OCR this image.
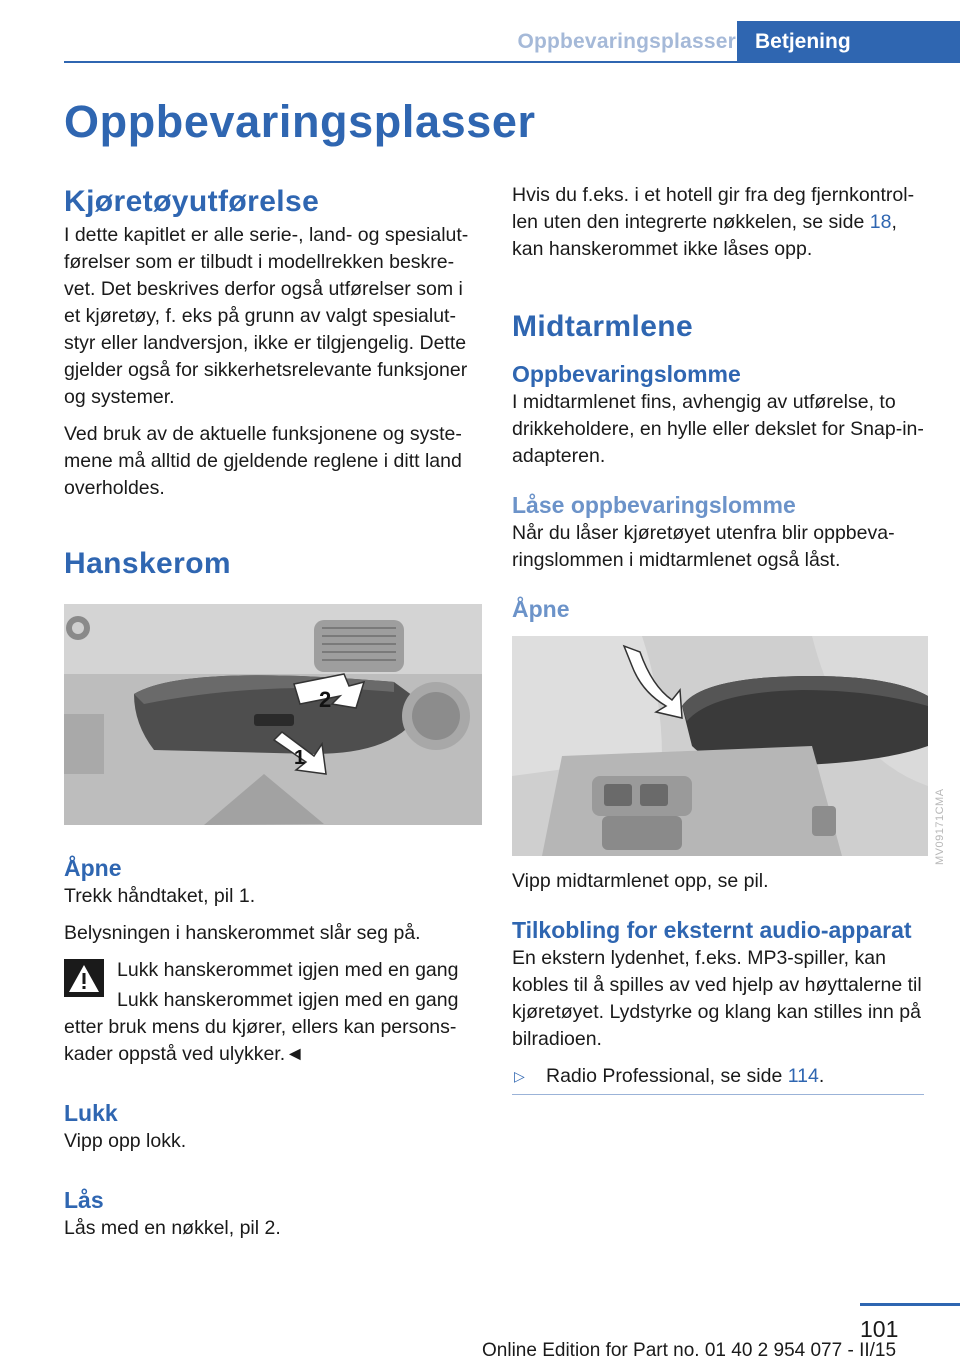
Oppbevaringsplasser Betjening
Oppbevaringsplasser
Kjøretøyutførelse

I dette kapitlet er alle serie-, land- og spesialut-førelser som er tilbudt i modellrekken beskre-vet. Det beskrives derfor også utførelser som i et kjøretøy, f. eks på grunn av valgt spesialut-styr eller landversjon, ikke er tilgjengelig. Dette gjelder også for sikkerhetsrelevante funksjoner og systemer.

Ved bruk av de aktuelle funksjonene og syste-mene må alltid de gjeldende reglene i ditt land overholdes.

Hanskerom
2
1
Åpne

Trekk håndtaket, pil 1.

Belysningen i hanskerommet slår seg på.

Lukk hanskerommet igjen med en gang

Lukk hanskerommet igjen med en gang

etter bruk mens du kjører, ellers kan persons-kader oppstå ved ulykker.◄

Lukk

Vipp opp lokk.

Lås

Lås med en nøkkel, pil 2.

Hvis du f.eks. i et hotell gir fra deg fjernkontrol-len uten den integrerte nøkkelen, se side 18, kan hanskerommet ikke låses opp.

Midtarmlene
Oppbevaringslomme

I midtarmlenet fins, avhengig av utførelse, to drikkeholdere, en hylle eller dekslet for Snap-in-adapteren.

Låse oppbevaringslomme

Når du låser kjøretøyet utenfra blir oppbeva-ringslommen i midtarmlenet også låst.

Åpne

Vipp midtarmlenet opp, se pil.

Tilkobling for eksternt audio-apparat

En ekstern lydenhet, f.eks. MP3-spiller, kan kobles til å spilles av ved hjelp av høyttalerne til kjøretøyet. Lydstyrke og klang kan stilles inn på bilradioen.

▷ Radio Professional, se side 114.
MV09171CMA
101
Online Edition for Part no. 01 40 2 954 077 - II/15
